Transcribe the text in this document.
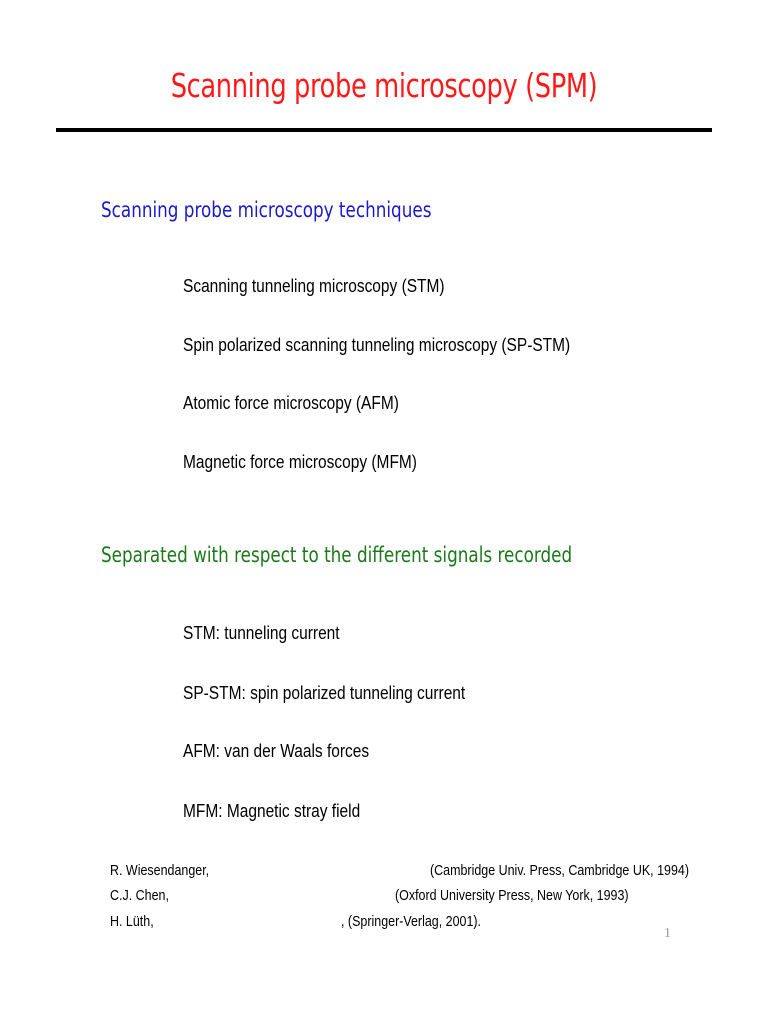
Scanning probe microscopy (SPM)
Scanning probe microscopy techniques
Scanning tunneling microscopy (STM)
Spin polarized scanning tunneling microscopy (SP-STM)
Atomic force microscopy (AFM)
Magnetic force microscopy (MFM)
Separated with respect to the different signals recorded
STM: tunneling current
SP-STM: spin polarized tunneling current
AFM: van der Waals forces
MFM: Magnetic stray field
R. Wiesendanger,	(Cambridge Univ. Press, Cambridge UK, 1994)
C.J. Chen,	(Oxford University Press, New York, 1993)
H. Lüth,	, (Springer-Verlag, 2001).
1
